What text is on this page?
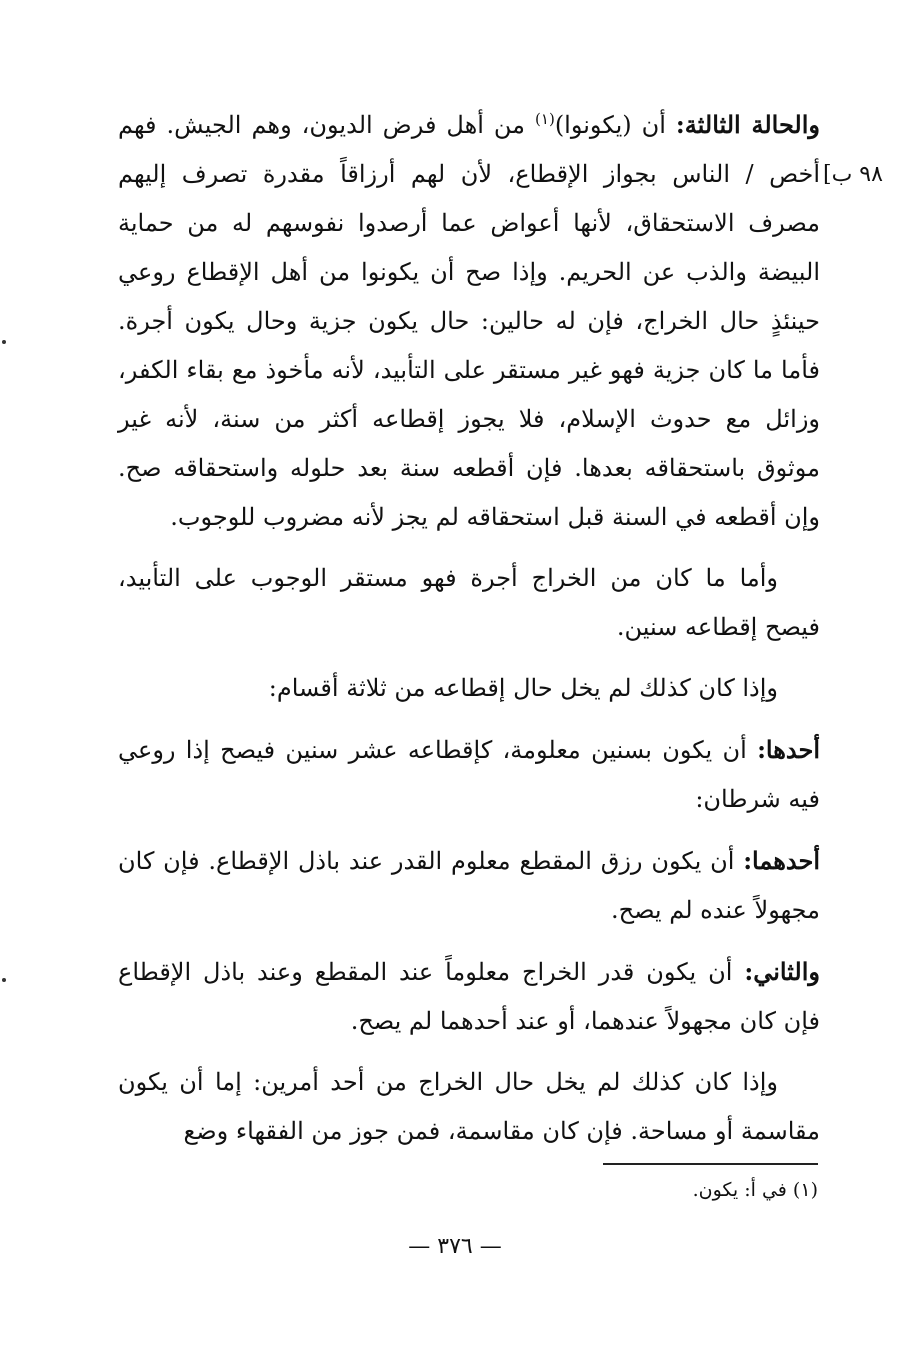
٩٨ ب]

والحالة الثالثة: أن (يكونوا)$^{(١)}$ من أهل فرض الديون، وهم الجيش. فهم أخص / الناس بجواز الإقطاع، لأن لهم أرزاقاً مقدرة تصرف إليهم مصرف الاستحقاق، لأنها أعواض عما أرصدوا نفوسهم له من حماية البيضة والذب عن الحريم. وإذا صح أن يكونوا من أهل الإقطاع روعي حينئذٍ حال الخراج، فإن له حالين: حال يكون جزية وحال يكون أجرة. فأما ما كان جزية فهو غير مستقر على التأبيد، لأنه مأخوذ مع بقاء الكفر، وزائل مع حدوث الإسلام، فلا يجوز إقطاعه أكثر من سنة، لأنه غير موثوق باستحقاقه بعدها. فإن أقطعه سنة بعد حلوله واستحقاقه صح. وإن أقطعه في السنة قبل استحقاقه لم يجز لأنه مضروب للوجوب.

وأما ما كان من الخراج أجرة فهو مستقر الوجوب على التأبيد، فيصح إقطاعه سنين.

وإذا كان كذلك لم يخل حال إقطاعه من ثلاثة أقسام:

أحدها: أن يكون بسنين معلومة، كإقطاعه عشر سنين فيصح إذا روعي فيه شرطان:

أحدهما: أن يكون رزق المقطع معلوم القدر عند باذل الإقطاع. فإن كان مجهولاً عنده لم يصح.

والثاني: أن يكون قدر الخراج معلوماً عند المقطع وعند باذل الإقطاع فإن كان مجهولاً عندهما، أو عند أحدهما لم يصح.

وإذا كان كذلك لم يخل حال الخراج من أحد أمرين: إما أن يكون مقاسمة أو مساحة. فإن كان مقاسمة، فمن جوز من الفقهاء وضع

(١) في أ: يكون.
— ٣٧٦ —
